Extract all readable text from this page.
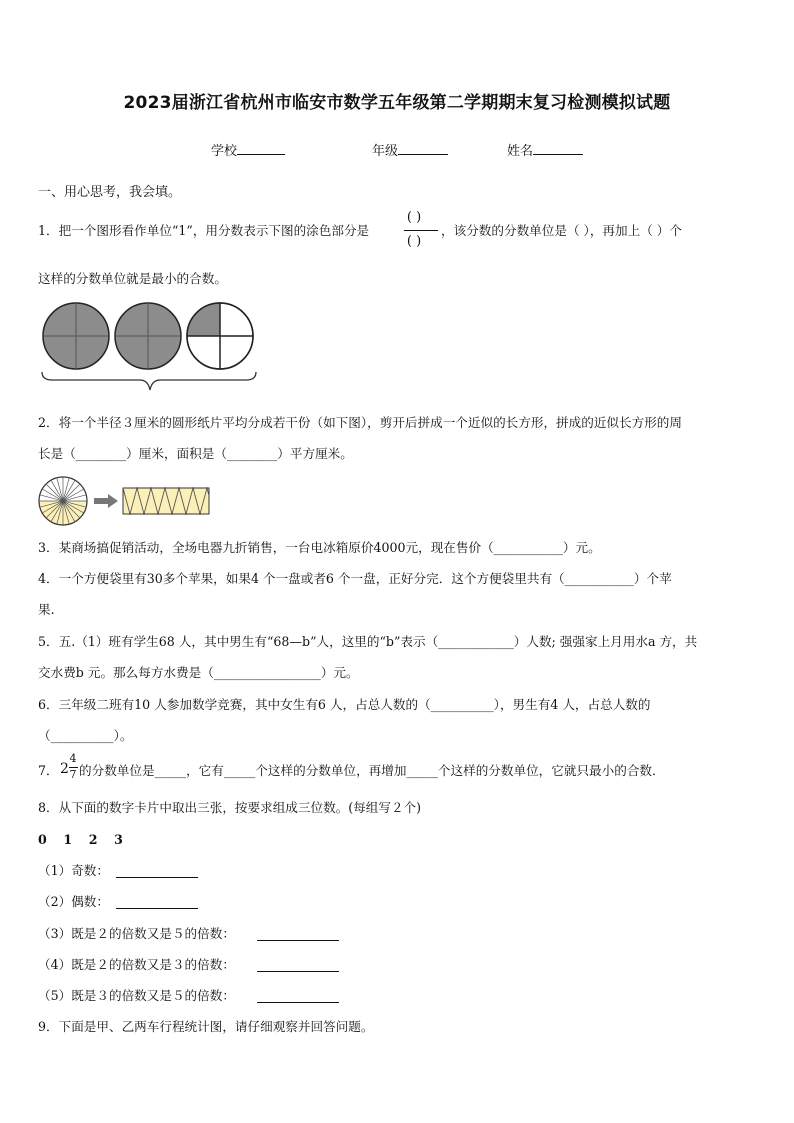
2023届浙江省杭州市临安市数学五年级第二学期期末复习检测模拟试题
学校	年级	姓名
一、用心思考，我会填。
1．把一个图形看作单位“1”，用分数表示下图的涂色部分是
( )
( )
，该分数的分数单位是（ ），再加上（ ）个
这样的分数单位就是最小的合数。
2．将一个半径３厘米的圆形纸片平均分成若干份（如下图），剪开后拼成一个近似的长方形，拼成的近似长方形的周
长是（________）厘米，面积是（________）平方厘米。
3．某商场搞促销活动，全场电器九折销售，一台电冰箱原价4000元，现在售价（___________）元。
4．一个方便袋里有30多个苹果，如果4 个一盘或者6 个一盘，正好分完．这个方便袋里共有（___________）个苹
果.
5．五.（1）班有学生68 人，其中男生有“68—b”人，这里的“b”表示（____________）人数; 强强家上月用水a 方，共
交水费b 元。那么每方水费是（_________________）元。
6．三年级二班有10 人参加数学竞赛，其中女生有6 人，占总人数的（__________），男生有4 人，占总人数的
（__________）。
7． 2
4
7 的分数单位是_____，它有_____个这样的分数单位，再增加_____个这样的分数单位，它就只最小的合数．
8．从下面的数字卡片中取出三张，按要求组成三位数。(每组写２个)
0　1　2　3
（1）奇数：
（2）偶数：
（3）既是２的倍数又是５的倍数：
（4）既是２的倍数又是３的倍数：
（5）既是３的倍数又是５的倍数：
9．下面是甲、乙两车行程统计图，请仔细观察并回答问题。
